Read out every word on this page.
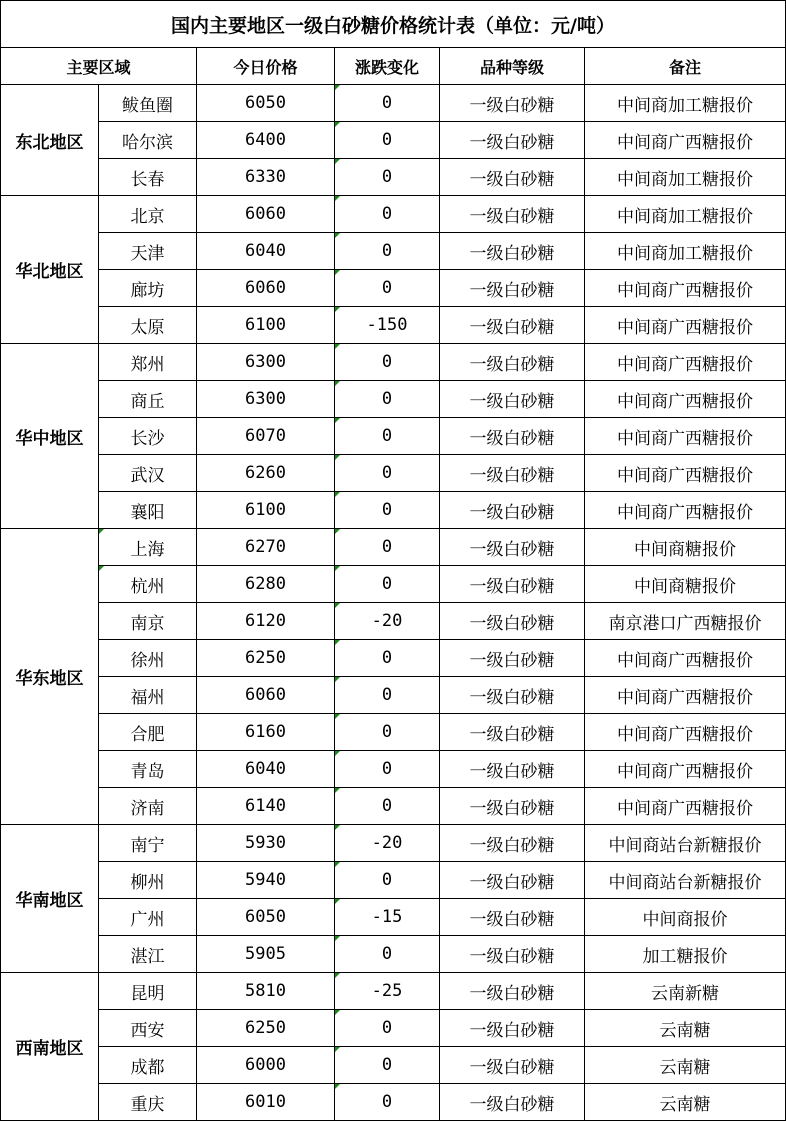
国内主要地区一级白砂糖价格统计表（单位：元/吨）					
主要区域		今日价格	涨跌变化	品种等级	备注
东北地区	鲅鱼圈	6050	0	一级白砂糖	中间商加工糖报价
	哈尔滨	6400	0	一级白砂糖	中间商广西糖报价
	长春	6330	0	一级白砂糖	中间商加工糖报价
华北地区	北京	6060	0	一级白砂糖	中间商加工糖报价
	天津	6040	0	一级白砂糖	中间商加工糖报价
	廊坊	6060	0	一级白砂糖	中间商广西糖报价
	太原	6100	-150	一级白砂糖	中间商广西糖报价
华中地区	郑州	6300	0	一级白砂糖	中间商广西糖报价
	商丘	6300	0	一级白砂糖	中间商广西糖报价
	长沙	6070	0	一级白砂糖	中间商广西糖报价
	武汉	6260	0	一级白砂糖	中间商广西糖报价
	襄阳	6100	0	一级白砂糖	中间商广西糖报价
华东地区	上海	6270	0	一级白砂糖	中间商糖报价
	杭州	6280	0	一级白砂糖	中间商糖报价
	南京	6120	-20	一级白砂糖	南京港口广西糖报价
	徐州	6250	0	一级白砂糖	中间商广西糖报价
	福州	6060	0	一级白砂糖	中间商广西糖报价
	合肥	6160	0	一级白砂糖	中间商广西糖报价
	青岛	6040	0	一级白砂糖	中间商广西糖报价
	济南	6140	0	一级白砂糖	中间商广西糖报价
华南地区	南宁	5930	-20	一级白砂糖	中间商站台新糖报价
	柳州	5940	0	一级白砂糖	中间商站台新糖报价
	广州	6050	-15	一级白砂糖	中间商报价
	湛江	5905	0	一级白砂糖	加工糖报价
西南地区	昆明	5810	-25	一级白砂糖	云南新糖
	西安	6250	0	一级白砂糖	云南糖
	成都	6000	0	一级白砂糖	云南糖
	重庆	6010	0	一级白砂糖	云南糖
